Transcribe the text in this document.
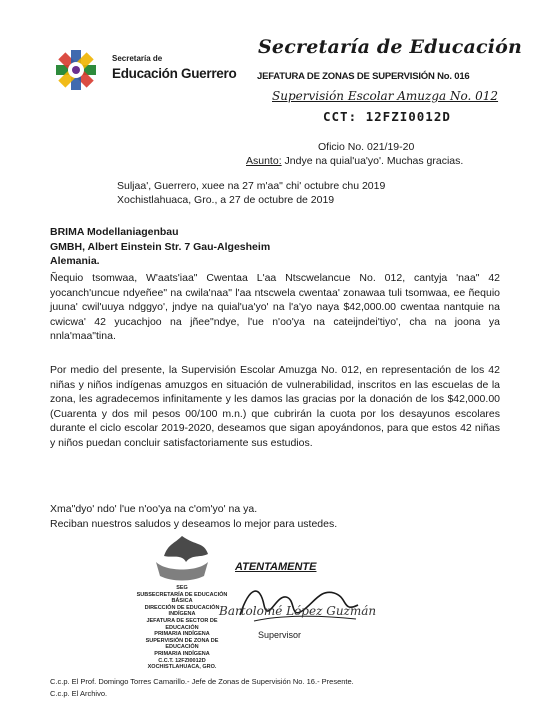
Secretaría de
Educación Guerrero
Secretaría de Educación
JEFATURA DE ZONAS DE SUPERVISIÓN No. 016
Supervisión Escolar Amuzga No. 012
CCT: 12FZI0012D
Oficio No. 021/19-20
Asunto: Jndye na quial'ua'yo'. Muchas gracias.
Suljaa', Guerrero, xuee na 27 m'aa" chi' octubre chu 2019
Xochistlahuaca, Gro., a 27 de octubre de 2019
BRIMA Modellaniagenbau
GMBH, Albert Einstein Str. 7 Gau-Algesheim
Alemania.
Ñequio tsomwaa, W'aats'iaa" Cwentaa L'aa Ntscwelancue No. 012, cantyja 'naa" 42 yocanch'uncue ndyeñee" na cwila'naa" l'aa ntscwela cwentaa' zonawaa tuli tsomwaa, ee ñequio juuna' cwil'uuya ndggyo', jndye na quial'ua'yo' na l'a'yo naya $42,000.00 cwentaa nantquie na cwicwa' 42 yucachjoo na jñee"ndye, l'ue n'oo'ya na cateijndei'tiyo', cha na joona ya nnla'maa"tina.
Por medio del presente, la Supervisión Escolar Amuzga No. 012, en representación de los 42 niñas y niños indígenas amuzgos en situación de vulnerabilidad, inscritos en las escuelas de la zona, les agradecemos infinitamente y les damos las gracias por la donación de los $42,000.00 (Cuarenta y dos mil pesos 00/100 m.n.) que cubrirán la cuota por los desayunos escolares durante el ciclo escolar 2019-2020, deseamos que sigan apoyándonos, para que estos 42 niñas y niños puedan concluir satisfactoriamente sus estudios.
Xma"dyo' ndo' l'ue n'oo'ya na c'om'yo' na ya.
Reciban nuestros saludos y deseamos lo mejor para ustedes.
SEG
SUBSECRETARÍA DE EDUCACIÓN
BÁSICA
DIRECCIÓN DE EDUCACIÓN
INDÍGENA
JEFATURA DE SECTOR DE
EDUCACIÓN
PRIMARIA INDÍGENA
SUPERVISIÓN DE ZONA DE
EDUCACIÓN
PRIMARIA INDÍGENA
C.C.T. 12FZI0012D
XOCHISTLAHUACA, GRO.
ATENTAMENTE
Bartolomé López Guzmán
Supervisor
C.c.p. El Prof. Domingo Torres Camarillo.- Jefe de Zonas de Supervisión No. 16.- Presente.
C.c.p. El Archivo.
